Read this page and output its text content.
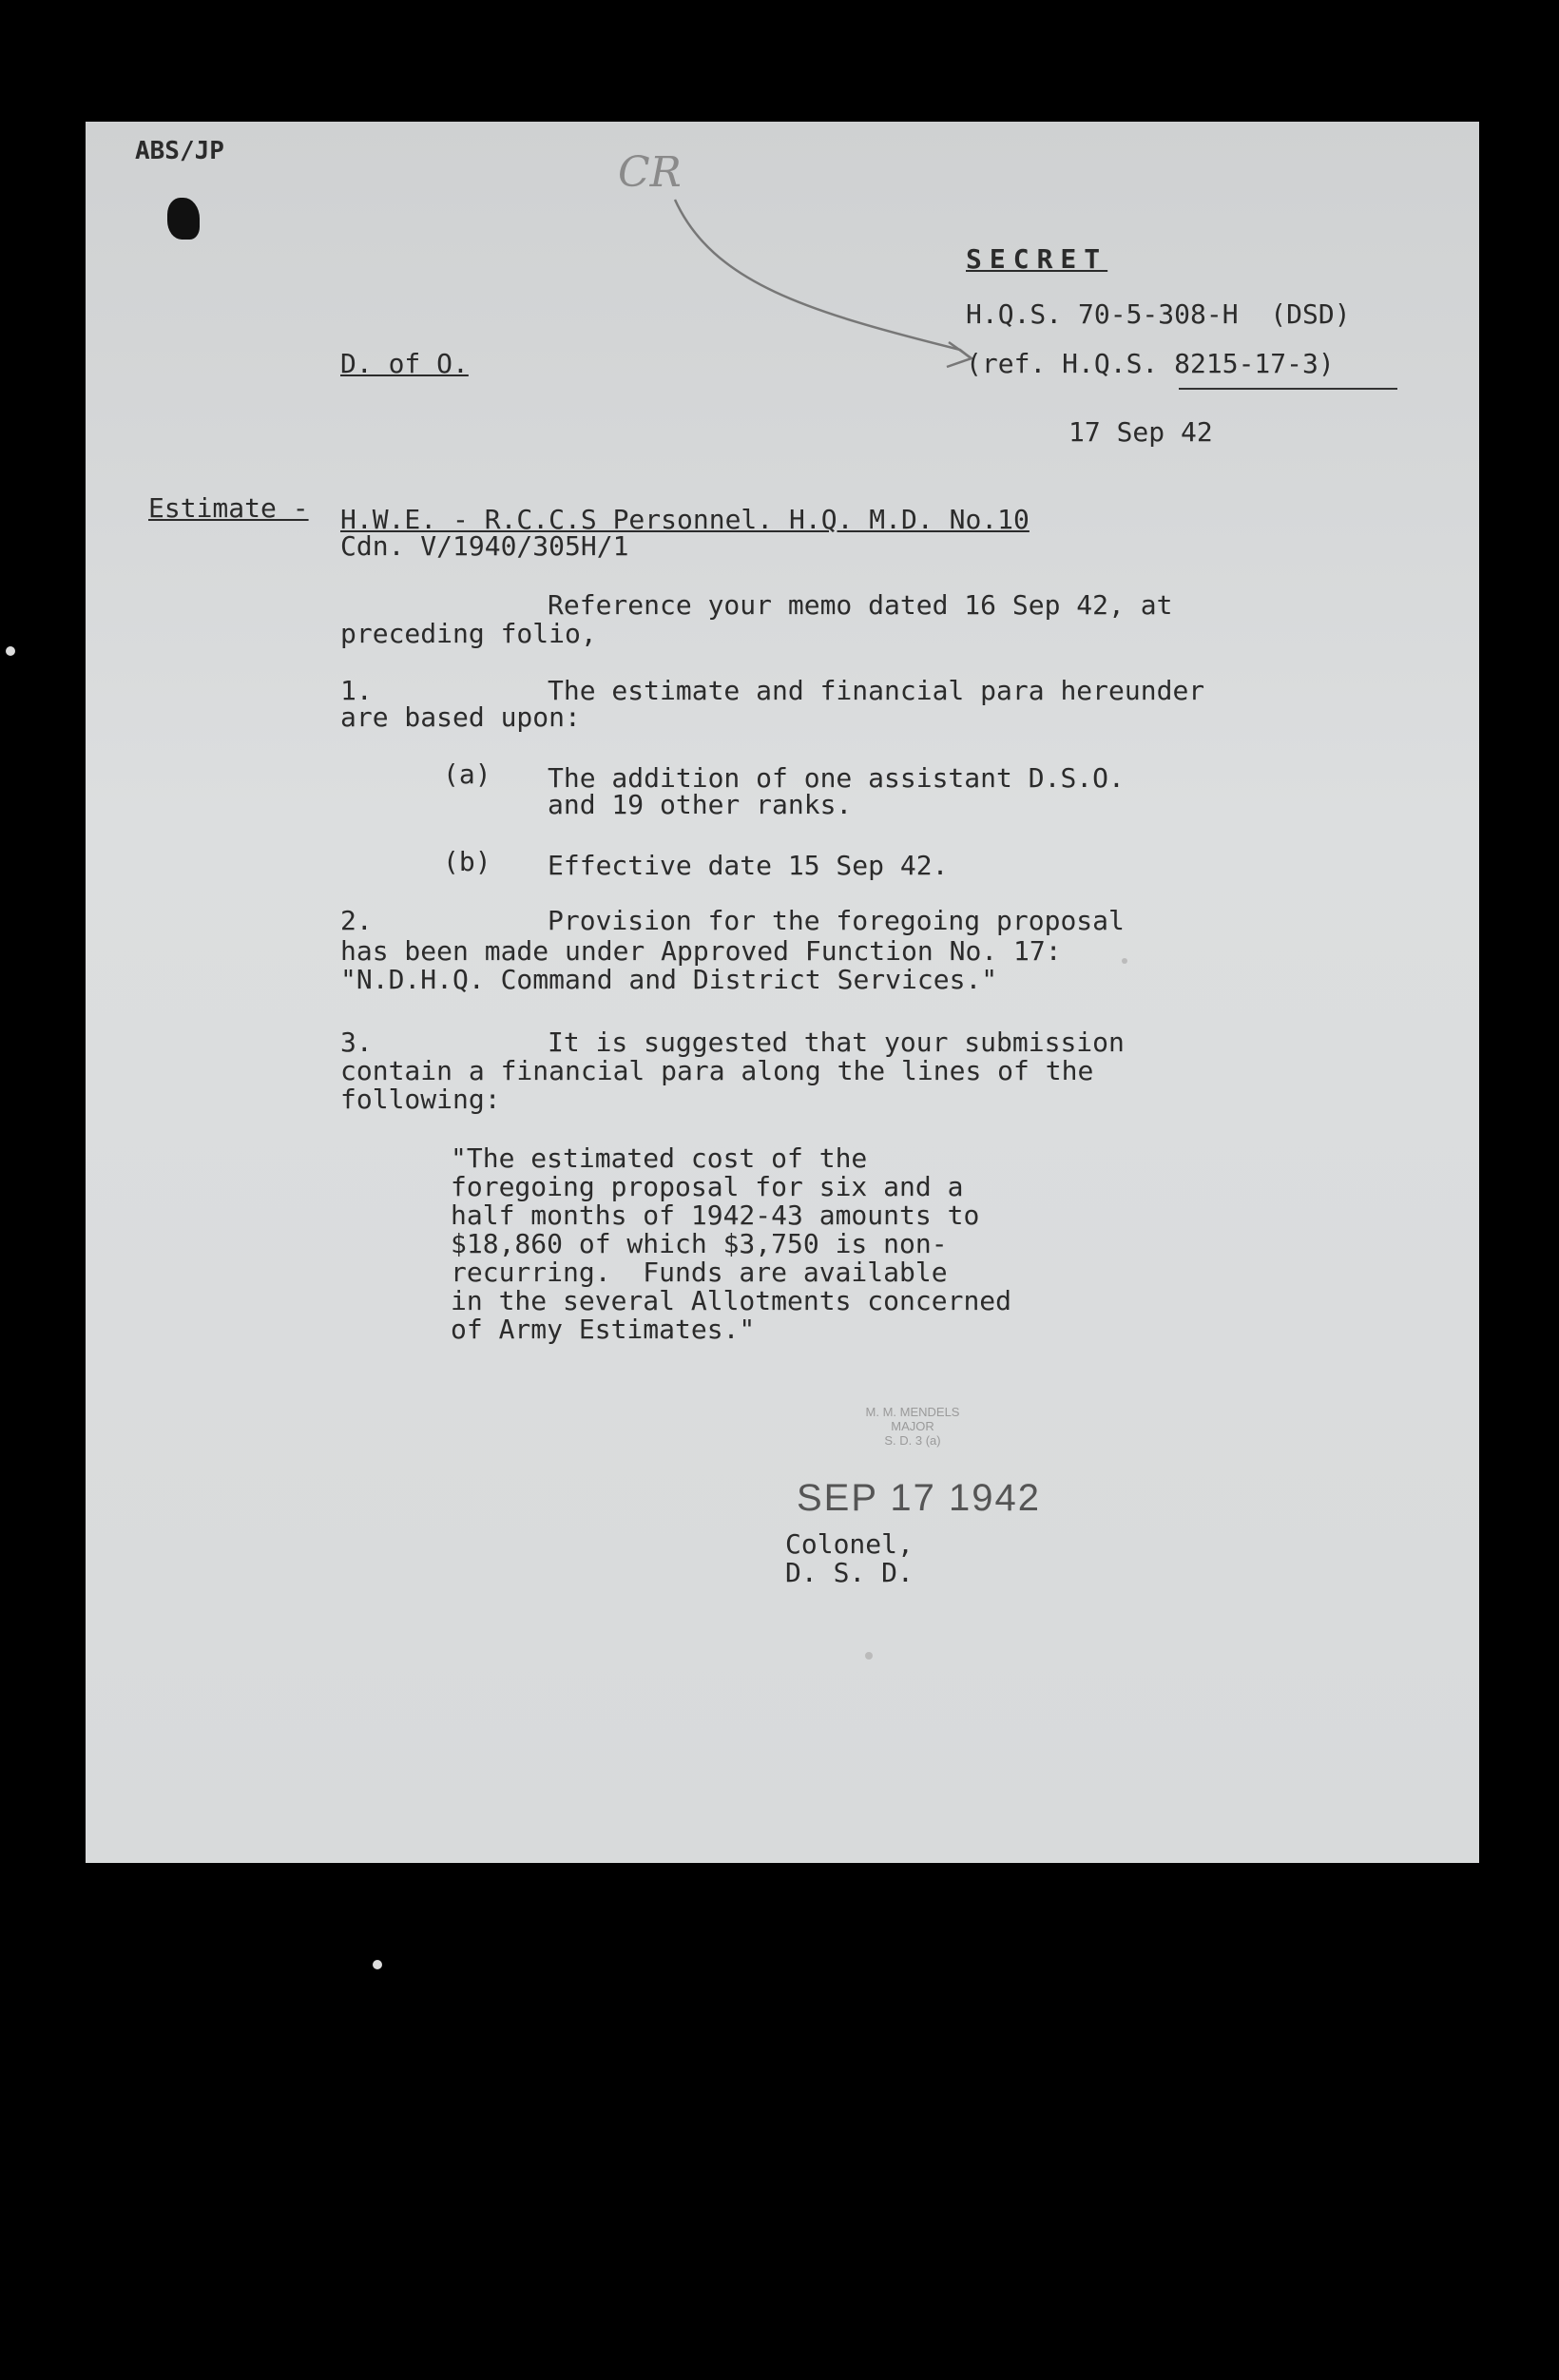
ABS/JP	CR
SECRET
H.Q.S. 70-5-308-H  (DSD)
(ref. H.Q.S. 8215-17-3)
17 Sep 42
D. of O.
Estimate - H.W.E. - R.C.C.S Personnel. H.Q. M.D. No.10
Cdn. V/1940/305H/1
Reference your memo dated 16 Sep 42, at
preceding folio,
1.	The estimate and financial para hereunder
are based upon:
(a) The addition of one assistant D.S.O.
and 19 other ranks.
(b) Effective date 15 Sep 42.
2.	Provision for the foregoing proposal
has been made under Approved Function No. 17:
"N.D.H.Q. Command and District Services."
3.	It is suggested that your submission
contain a financial para along the lines of the
following:
"The estimated cost of the
foregoing proposal for six and a
half months of 1942-43 amounts to
$18,860 of which $3,750 is non-
recurring.  Funds are available
in the several Allotments concerned
of Army Estimates."
M. M. MENDELS
MAJOR
S. D. 3 (a)
SEP 17 1942
Colonel,
D. S. D.
